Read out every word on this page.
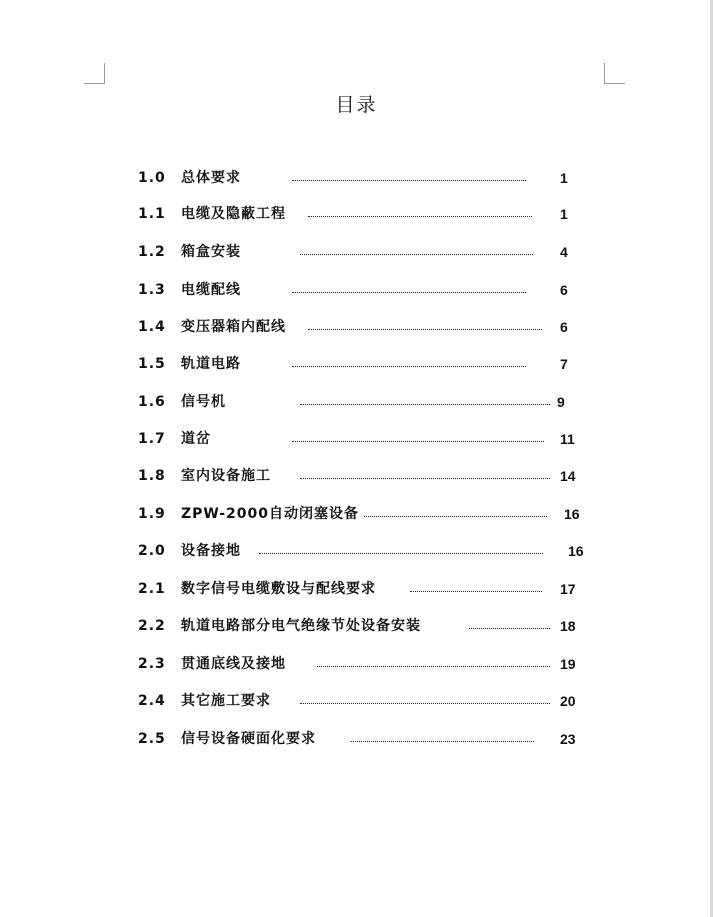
目录
1.0 总体要求	1
1.1 电缆及隐蔽工程	1
1.2 箱盒安装	4
1.3 电缆配线	6
1.4 变压器箱内配线	6
1.5 轨道电路	7
1.6 信号机	9
1.7 道岔	11
1.8 室内设备施工	14
1.9 ZPW-2000自动闭塞设备	16
2.0 设备接地	16
2.1 数字信号电缆敷设与配线要求	17
2.2 轨道电路部分电气绝缘节处设备安装	18
2.3 贯通底线及接地	19
2.4 其它施工要求	20
2.5 信号设备硬面化要求	23
